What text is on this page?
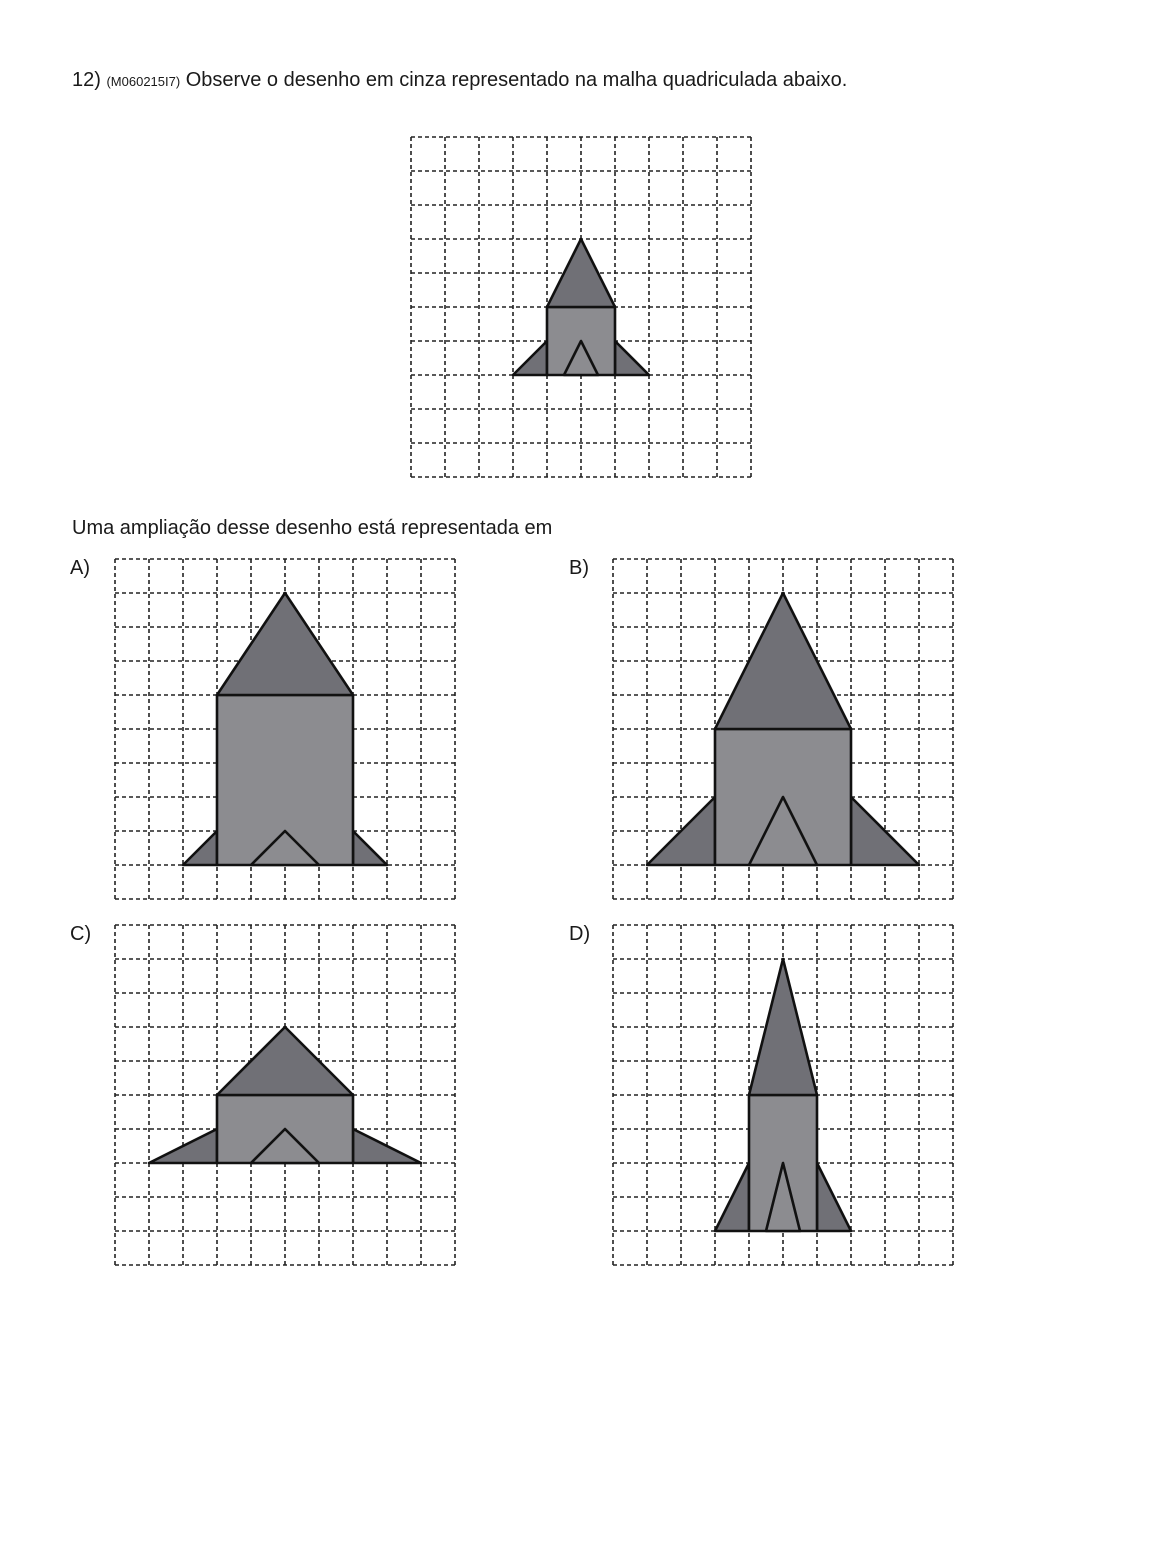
12) (M060215I7) Observe o desenho em cinza representado na malha quadriculada abaixo.
Uma ampliação desse desenho está representada em
A)	B)
C)	D)
